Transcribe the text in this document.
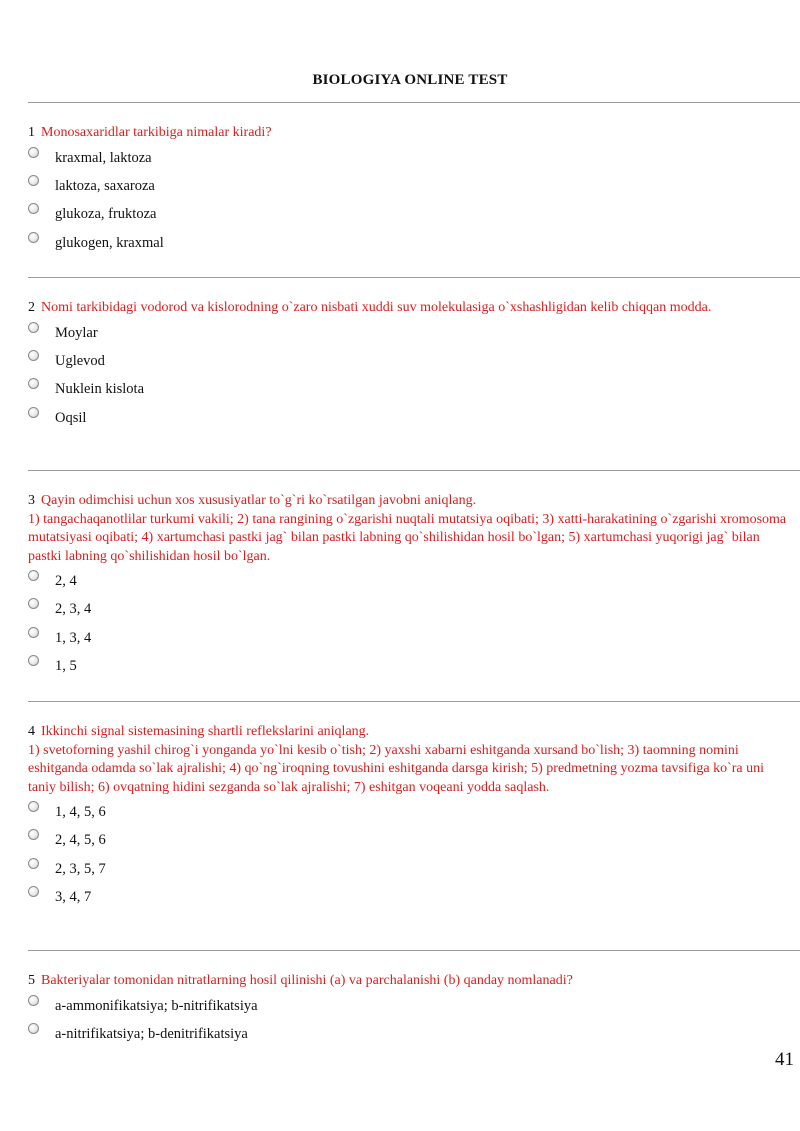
BIOLOGIYA ONLINE TEST

1 Monosaxaridlar tarkibiga nimalar kiradi?

kraxmal, laktoza
laktoza, saxaroza
glukoza, fruktoza
glukogen, kraxmal

2 Nomi tarkibidagi vodorod va kislorodning o`zaro nisbati xuddi suv molekulasiga o`xshashligidan kelib chiqqan modda.

Moylar
Uglevod
Nuklein kislota
Oqsil

3 Qayin odimchisi uchun xos xususiyatlar to`g`ri ko`rsatilgan javobni aniqlang.
1) tangachaqanotlilar turkumi vakili; 2) tana rangining o`zgarishi nuqtali mutatsiya oqibati; 3) xatti-harakatining o`zgarishi xromosoma mutatsiyasi oqibati; 4) xartumchasi pastki jag` bilan pastki labning qo`shilishidan hosil bo`lgan; 5) xartumchasi yuqorigi jag` bilan pastki labning qo`shilishidan hosil bo`lgan.

2, 4
2, 3, 4
1, 3, 4
1, 5

4 Ikkinchi signal sistemasining shartli reflekslarini aniqlang.
1) svetoforning yashil chirog`i yonganda yo`lni kesib o`tish; 2) yaxshi xabarni eshitganda xursand bo`lish; 3) taomning nomini eshitganda odamda so`lak ajralishi; 4) qo`ng`iroqning tovushini eshitganda darsga kirish; 5) predmetning yozma tavsifiga ko`ra uni taniy bilish; 6) ovqatning hidini sezganda so`lak ajralishi; 7) eshitgan voqeani yodda saqlash.

1, 4, 5, 6
2, 4, 5, 6
2, 3, 5, 7
3, 4, 7

5 Bakteriyalar tomonidan nitratlarning hosil qilinishi (a) va parchalanishi (b) qanday nomlanadi?

a-ammonifikatsiya; b-nitrifikatsiya
a-nitrifikatsiya; b-denitrifikatsiya
41
